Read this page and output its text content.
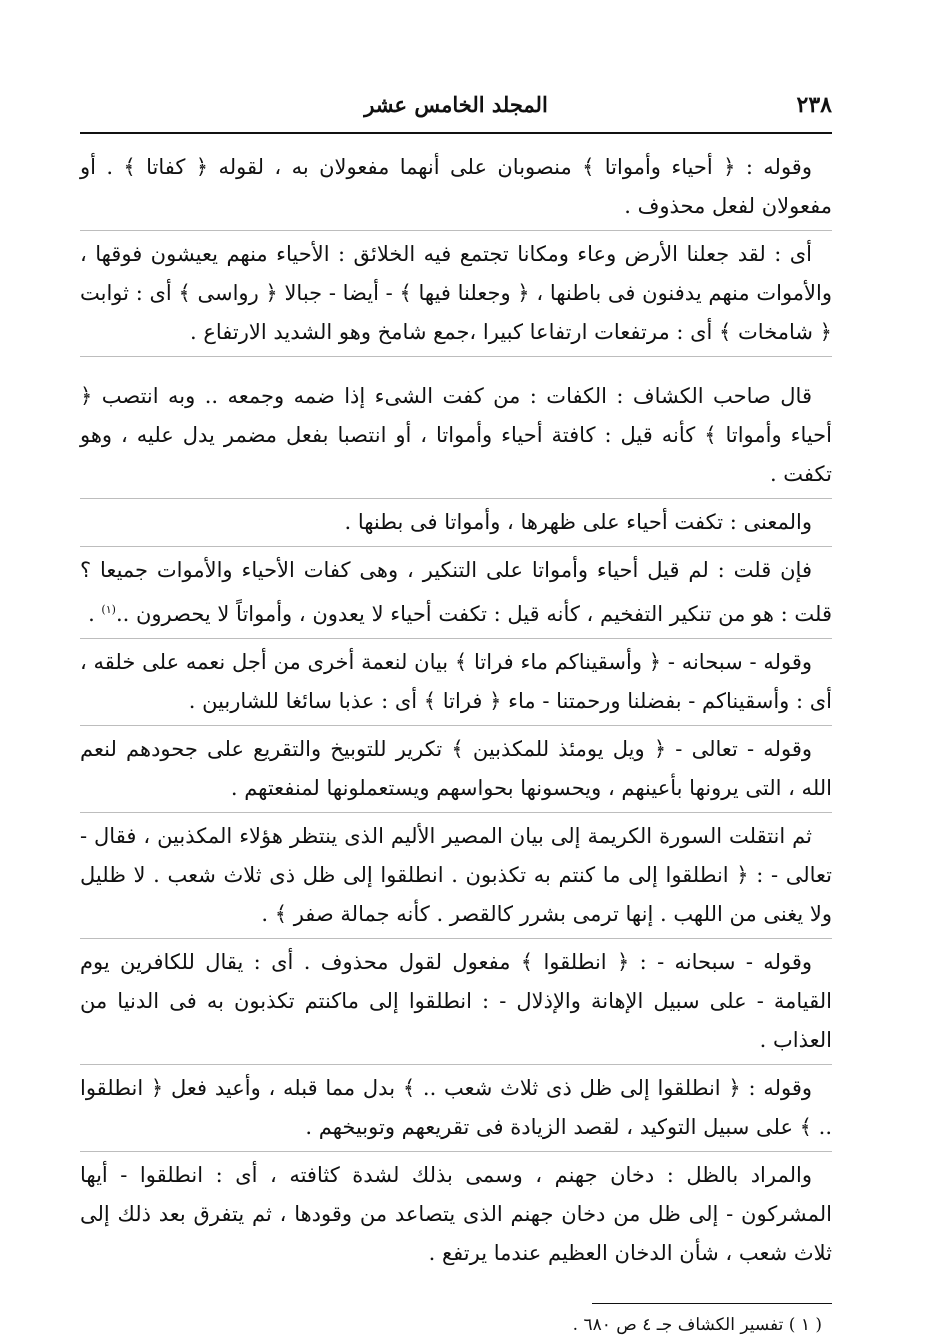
٢٣٨
المجلد الخامس عشر

وقوله : ﴿ أحياء وأمواتا ﴾ منصوبان على أنهما مفعولان به ، لقوله ﴿ كفاتا ﴾ . أو مفعولان لفعل محذوف .

أى : لقد جعلنا الأرض وعاء ومكانا تجتمع فيه الخلائق : الأحياء منهم يعيشون فوقها ، والأموات منهم يدفنون فى باطنها ، ﴿ وجعلنا فيها ﴾ - أيضا - جبالا ﴿ رواسى ﴾ أى : ثوابت ﴿ شامخات ﴾ أى : مرتفعات ارتفاعا كبيرا ،جمع شامخ وهو الشديد الارتفاع .

قال صاحب الكشاف : الكفات : من كفت الشىء إذا ضمه وجمعه .. وبه انتصب ﴿ أحياء وأمواتا ﴾ كأنه قيل : كافتة أحياء وأمواتا ، أو انتصبا بفعل مضمر يدل عليه ، وهو تكفت .

والمعنى : تكفت أحياء على ظهرها ، وأمواتا فى بطنها .

فإن قلت : لم قيل أحياء وأمواتا على التنكير ، وهى كفات الأحياء والأموات جميعا ؟ قلت : هو من تنكير التفخيم ، كأنه قيل : تكفت أحياء لا يعدون ، وأمواتاً لا يحصرون ..$^{(١)}$ .

وقوله - سبحانه - ﴿ وأسقيناكم ماء فراتا ﴾ بيان لنعمة أخرى من أجل نعمه على خلقه ، أى : وأسقيناكم - بفضلنا ورحمتنا - ماء ﴿ فراتا ﴾ أى : عذبا سائغا للشاربين .

وقوله - تعالى - ﴿ ويل يومئذ للمكذبين ﴾ تكرير للتوبيخ والتقريع على جحودهم لنعم الله ، التى يرونها بأعينهم ، ويحسونها بحواسهم ويستعملونها لمنفعتهم .

ثم انتقلت السورة الكريمة إلى بيان المصير الأليم الذى ينتظر هؤلاء المكذبين ، فقال - تعالى - : ﴿ انطلقوا إلى ما كنتم به تكذبون . انطلقوا إلى ظل ذى ثلاث شعب . لا ظليل ولا يغنى من اللهب . إنها ترمى بشرر كالقصر . كأنه جمالة صفر ﴾ .

وقوله - سبحانه - : ﴿ انطلقوا ﴾ مفعول لقول محذوف . أى : يقال للكافرين يوم القيامة - على سبيل الإهانة والإذلال - : انطلقوا إلى ماكنتم تكذبون به فى الدنيا من العذاب .

وقوله : ﴿ انطلقوا إلى ظل ذى ثلاث شعب .. ﴾ بدل مما قبله ، وأعيد فعل ﴿ انطلقوا .. ﴾ على سبيل التوكيد ، لقصد الزيادة فى تقريعهم وتوبيخهم .

والمراد بالظل : دخان جهنم ، وسمى بذلك لشدة كثافته ، أى : انطلقوا - أيها المشركون - إلى ظل من دخان جهنم الذى يتصاعد من وقودها ، ثم يتفرق بعد ذلك إلى ثلاث شعب ، شأن الدخان العظيم عندما يرتفع .

( ١ ) تفسير الكشاف جـ ٤ ص ٦٨٠ .
